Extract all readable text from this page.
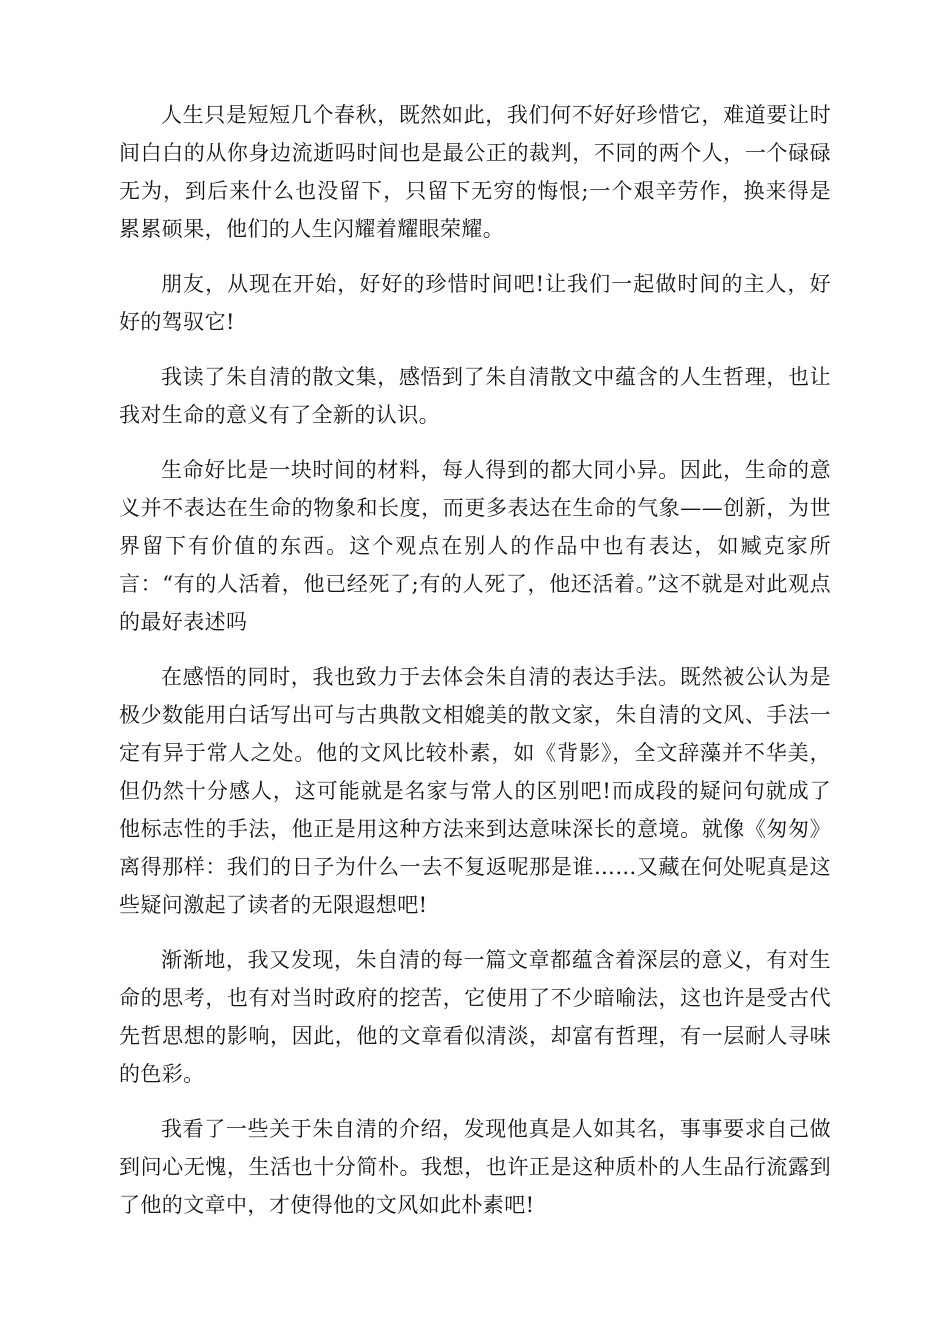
人生只是短短几个春秋，既然如此，我们何不好好珍惜它，难道要让时间白白的从你身边流逝吗时间也是最公正的裁判，不同的两个人，一个碌碌无为，到后来什么也没留下，只留下无穷的悔恨;一个艰辛劳作，换来得是累累硕果，他们的人生闪耀着耀眼荣耀。

朋友，从现在开始，好好的珍惜时间吧!让我们一起做时间的主人，好好的驾驭它!

我读了朱自清的散文集，感悟到了朱自清散文中蕴含的人生哲理，也让我对生命的意义有了全新的认识。

生命好比是一块时间的材料，每人得到的都大同小异。因此，生命的意义并不表达在生命的物象和长度，而更多表达在生命的气象——创新，为世界留下有价值的东西。这个观点在别人的作品中也有表达，如臧克家所言：“有的人活着，他已经死了;有的人死了，他还活着。”这不就是对此观点的最好表述吗

在感悟的同时，我也致力于去体会朱自清的表达手法。既然被公认为是极少数能用白话写出可与古典散文相媲美的散文家，朱自清的文风、手法一定有异于常人之处。他的文风比较朴素，如《背影》，全文辞藻并不华美，但仍然十分感人，这可能就是名家与常人的区别吧!而成段的疑问句就成了他标志性的手法，他正是用这种方法来到达意味深长的意境。就像《匆匆》离得那样：我们的日子为什么一去不复返呢那是谁……又藏在何处呢真是这些疑问激起了读者的无限遐想吧!

渐渐地，我又发现，朱自清的每一篇文章都蕴含着深层的意义，有对生命的思考，也有对当时政府的挖苦，它使用了不少暗喻法，这也许是受古代先哲思想的影响，因此，他的文章看似清淡，却富有哲理，有一层耐人寻味的色彩。

我看了一些关于朱自清的介绍，发现他真是人如其名，事事要求自己做到问心无愧，生活也十分简朴。我想，也许正是这种质朴的人生品行流露到了他的文章中，才使得他的文风如此朴素吧!
